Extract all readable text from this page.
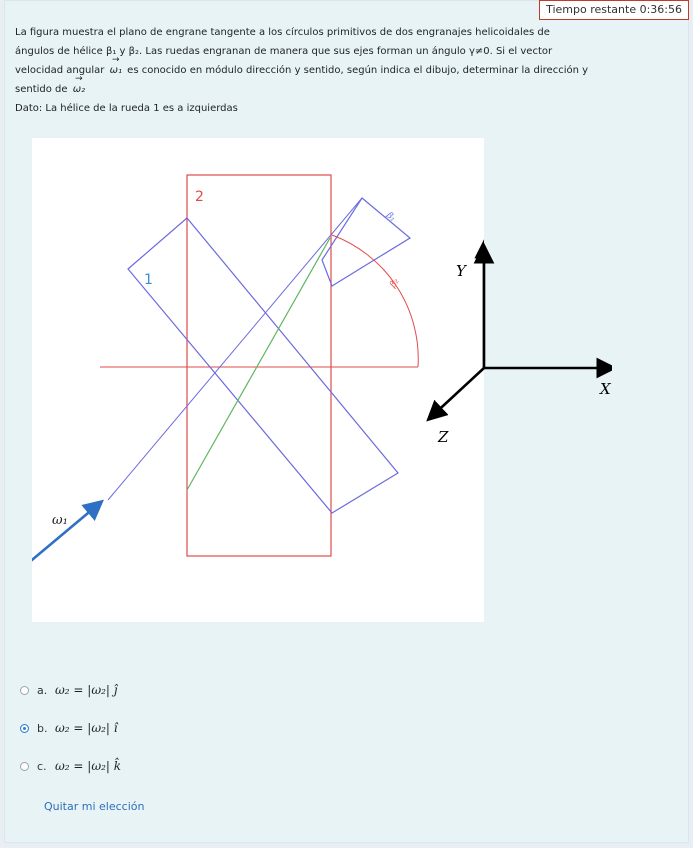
Tiempo restante 0:36:56

La figura muestra el plano de engrane tangente a los círculos primitivos de dos engranajes helicoidales de

ángulos de hélice β₁ y β₂. Las ruedas engranan de manera que sus ejes forman un ángulo γ≠0. Si el vector

velocidad angular → ω₁ es conocido en módulo dirección y sentido, según indica el dibujo, determinar la dirección y

sentido de → ω₂

Dato: La hélice de la rueda 1 es a izquierdas

2
1
β₁
β₂
ω₁
Y
X
Z
a. ω₂ = |ω₂| ĵ
b. ω₂ = |ω₂| î
c. ω₂ = |ω₂| k̂
Quitar mi elección
